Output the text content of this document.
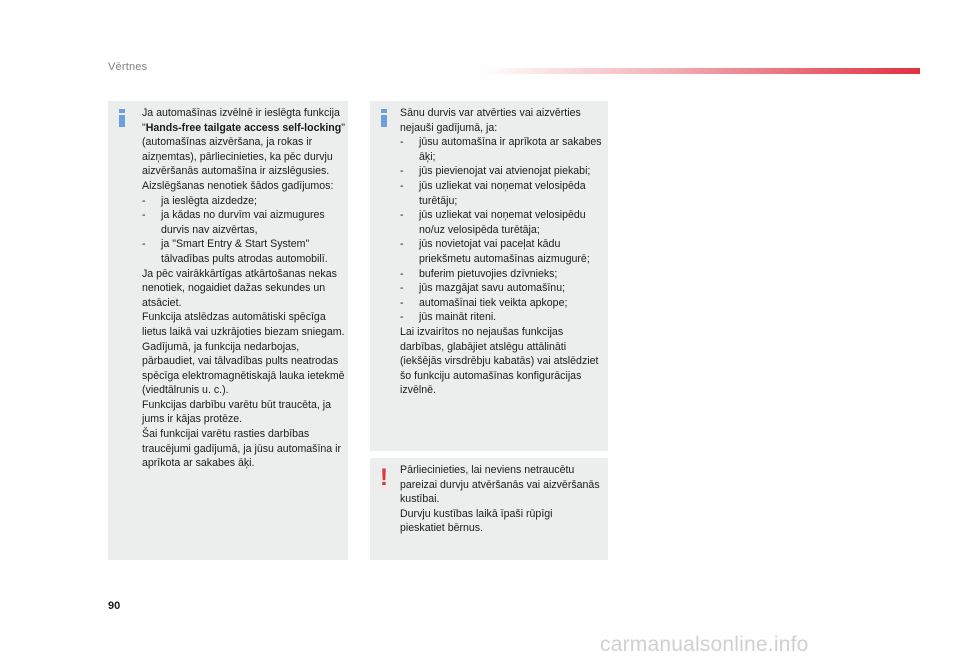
Vērtnes

Ja automašīnas izvēlnē ir ieslēgta funkcija "Hands-free tailgate access self-locking" (automašīnas aizvēršana, ja rokas ir aizņemtas), pārliecinieties, ka pēc durvju aizvēršanās automašīna ir aizslēgusies.

Aizslēgšanas nenotiek šādos gadījumos:

-	ja ieslēgta aizdedze;
-	ja kādas no durvīm vai aizmugures durvis nav aizvērtas,
-	ja "Smart Entry & Start System" tālvadības pults atrodas automobilī.

Ja pēc vairākkārtīgas atkārtošanas nekas nenotiek, nogaidiet dažas sekundes un atsāciet.

Funkcija atslēdzas automātiski spēcīga lietus laikā vai uzkrājoties biezam sniegam.

Gadījumā, ja funkcija nedarbojas, pārbaudiet, vai tālvadības pults neatrodas spēcīga elektromagnētiskajā lauka ietekmē (viedtālrunis u. c.).

Funkcijas darbību varētu būt traucēta, ja jums ir kājas protēze.

Šai funkcijai varētu rasties darbības traucējumi gadījumā, ja jūsu automašīna ir aprīkota ar sakabes āķi.

Sānu durvis var atvērties vai aizvērties nejauši gadījumā, ja:

-	jūsu automašīna ir aprīkota ar sakabes āķi;
-	jūs pievienojat vai atvienojat piekabi;
-	jūs uzliekat vai noņemat velosipēda turētāju;
-	jūs uzliekat vai noņemat velosipēdu no/uz velosipēda turētāja;
-	jūs novietojat vai paceļat kādu priekšmetu automašīnas aizmugurē;
-	buferim pietuvojies dzīvnieks;
-	jūs mazgājat savu automašīnu;
-	automašīnai tiek veikta apkope;
-	jūs maināt riteni.

Lai izvairītos no nejaušas funkcijas darbības, glabājiet atslēgu attālināti (iekšējās virsdrēbju kabatās) vai atslēdziet šo funkciju automašīnas konfigurācijas izvēlnē.

! Pārliecinieties, lai neviens netraucētu pareizai durvju atvēršanās vai aizvēršanās kustībai.

Durvju kustības laikā īpaši rūpīgi pieskatiet bērnus.

90
carmanualsonline.info
